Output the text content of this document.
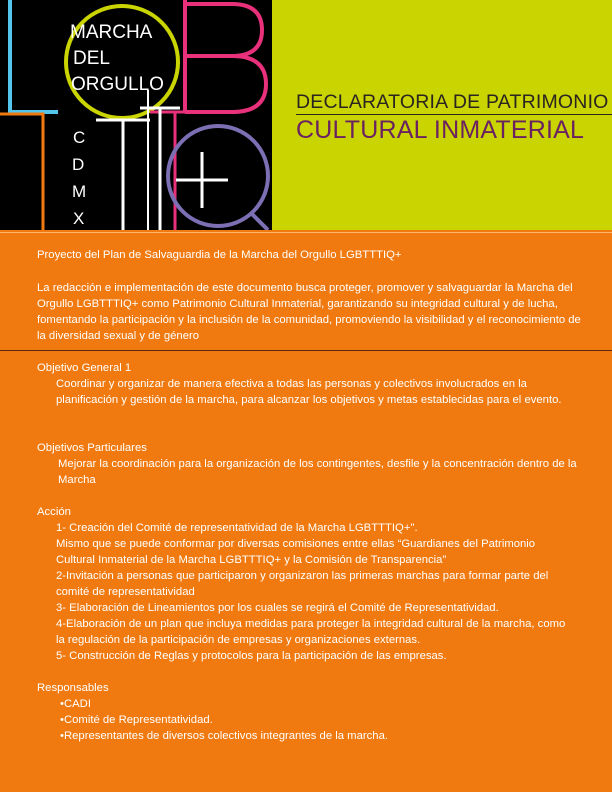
MARCHA
DEL
ORGULLO
C
D
M
X
DECLARATORIA DE PATRIMONIO
CULTURAL INMATERIAL
Proyecto del Plan de Salvaguardia de la Marcha del Orgullo LGBTTTIQ+
La redacción e implementación de este documento busca proteger, promover y salvaguardar la Marcha del Orgullo LGBTTTIQ+ como Patrimonio Cultural Inmaterial, garantizando su integridad cultural y de lucha, fomentando la participación y la inclusión de la comunidad, promoviendo la visibilidad y el reconocimiento de la diversidad sexual y de género
Objetivo General 1
Coordinar y organizar de manera efectiva a todas las personas y colectivos involucrados en la planificación y gestión de la marcha, para alcanzar los objetivos y metas establecidas para el evento.
Objetivos Particulares
Mejorar la coordinación para la organización de los contingentes, desfile y la concentración dentro de la Marcha
Acción
1- Creación del Comité de representatividad de la Marcha LGBTTTIQ+".
Mismo que se puede conformar por diversas comisiones entre ellas “Guardianes del Patrimonio Cultural Inmaterial de la Marcha LGBTTTIQ+ y la Comisión de Transparencia”
2-Invitación a personas que participaron y organizaron las primeras marchas para formar parte del comité de representatividad
3- Elaboración de Lineamientos por los cuales se regirá el Comité de Representatividad.
4-Elaboración de un plan que incluya medidas para proteger la integridad cultural de la marcha, como la regulación de la participación de empresas y organizaciones externas.
5- Construcción de Reglas y protocolos para la participación de las empresas.
Responsables
• CADI
• Comité de Representatividad.
• Representantes de diversos colectivos integrantes de la marcha.
